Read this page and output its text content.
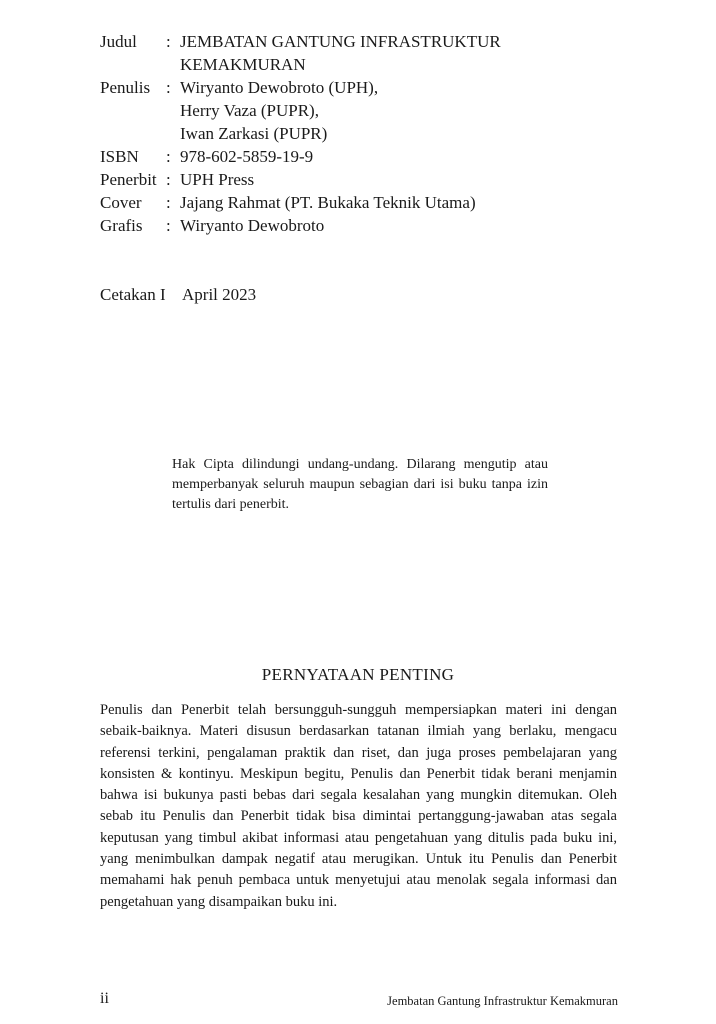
Judul	:	JEMBATAN GANTUNG INFRASTRUKTUR
KEMAKMURAN

Penulis	:	Wiryanto Dewobroto (UPH),
Herry Vaza (PUPR),
Iwan Zarkasi (PUPR)

ISBN	:	978-602-5859-19-9

Penerbit	:	UPH Press

Cover	:	Jajang Rahmat (PT. Bukaka Teknik Utama)

Grafis	:	Wiryanto Dewobroto
Cetakan I April 2023
Hak Cipta dilindungi undang-undang. Dilarang mengutip atau memperbanyak seluruh maupun sebagian dari isi buku tanpa izin tertulis dari penerbit.
PERNYATAAN PENTING
Penulis dan Penerbit telah bersungguh-sungguh mempersiapkan materi ini dengan sebaik-baiknya. Materi disusun berdasarkan tatanan ilmiah yang berlaku, mengacu referensi terkini, pengalaman praktik dan riset, dan juga proses pembelajaran yang konsisten & kontinyu. Meskipun begitu, Penulis dan Penerbit tidak berani menjamin bahwa isi bukunya pasti bebas dari segala kesalahan yang mungkin ditemukan. Oleh sebab itu Penulis dan Penerbit tidak bisa dimintai pertanggung-jawaban atas segala keputusan yang timbul akibat informasi atau pengetahuan yang ditulis pada buku ini, yang menimbulkan dampak negatif atau merugikan. Untuk itu Penulis dan Penerbit memahami hak penuh pembaca untuk menyetujui atau menolak segala informasi dan pengetahuan yang disampaikan buku ini.
ii	Jembatan Gantung Infrastruktur Kemakmuran
